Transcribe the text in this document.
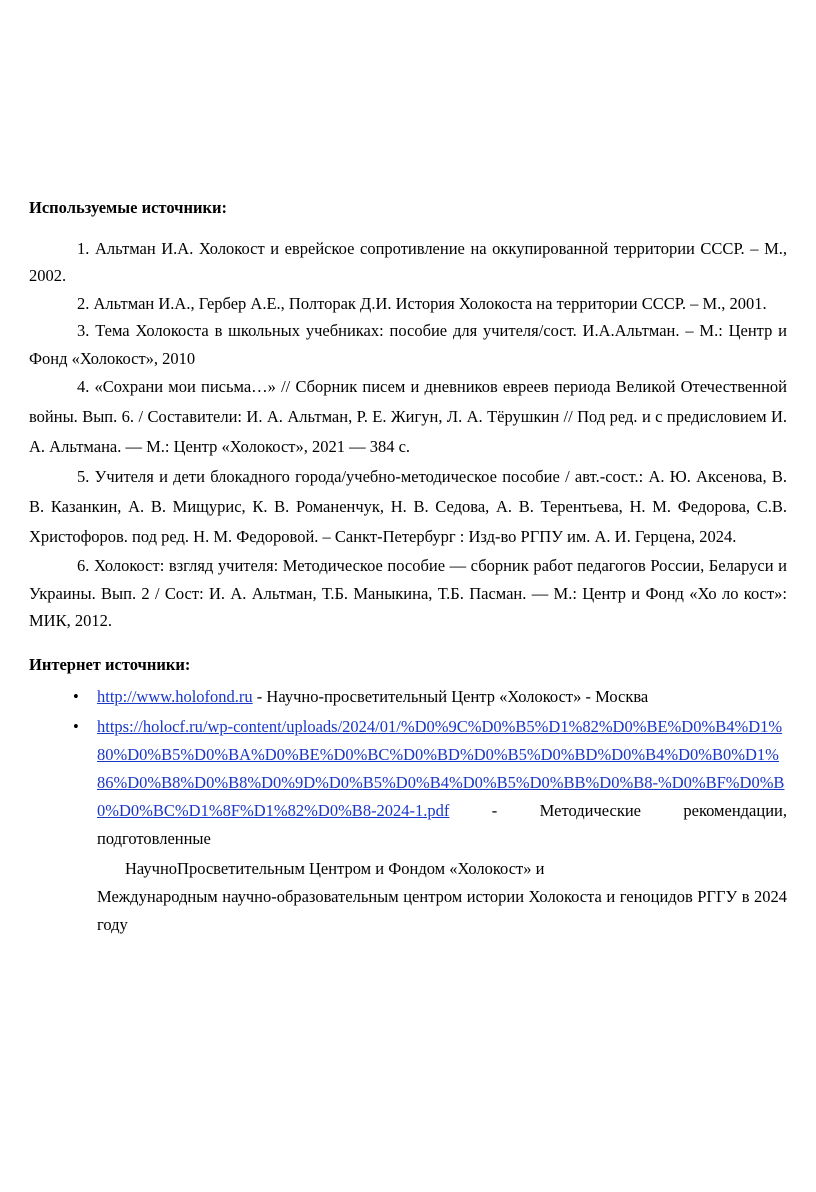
Используемые источники:

1. Альтман И.А. Холокост и еврейское сопротивление на оккупированной территории СССР. – М., 2002.

2. Альтман И.А., Гербер А.Е., Полторак Д.И. История Холокоста на территории СССР. – М., 2001.

3. Тема Холокоста в школьных учебниках: пособие для учителя/сост. И.А.Альтман. – М.: Центр и Фонд «Холокост», 2010

4. «Сохрани мои письма…» // Сборник писем и дневников евреев периода Великой Отечественной войны. Вып. 6. / Составители: И. А. Альтман, Р. Е. Жигун, Л. А. Тёрушкин // Под ред. и с предисловием И. А. Альтмана. — М.: Центр «Холокост», 2021 — 384 с.

5. Учителя и дети блокадного города/учебно-методическое пособие / авт.-сост.: А. Ю. Аксенова, В. В. Казанкин, А. В. Мищурис, К. В. Романенчук, Н. В. Седова, А. В. Терентьева, Н. М. Федорова, С.В. Христофоров. под ред. Н. М. Федоровой. – Санкт-Петербург : Изд-во РГПУ им. А. И. Герцена, 2024.

6. Холокост: взгляд учителя: Методическое пособие — сборник работ педагогов России, Беларуси и Украины. Вып. 2 / Сост: И. А. Альтман, Т.Б. Маныкина, Т.Б. Пасман. — М.: Центр и Фонд «Хо ло кост»: МИК, 2012.

Интернет источники:
• http://www.holofond.ru - Научно-просветительный Центр «Холокост» - Москва
• https://holocf.ru/wp-content/uploads/2024/01/%D0%9C%D0%B5%D1%82%D0%BE%D0%B4%D1%80%D0%B5%D0%BA%D0%BE%D0%BC%D0%BD%D0%B5%D0%BD%D0%B4%D0%B0%D1%86%D0%B8%D0%B8%D0%9D%D0%B5%D0%B4%D0%B5%D0%BB%D0%B8-%D0%BF%D0%B0%D0%BC%D1%8F%D1%82%D0%B8-2024-1.pdf - Методические рекомендации, подготовленные

НаучноПросветительным Центром и Фондом «Холокост» и

Международным научно-образовательным центром истории Холокоста и геноцидов РГГУ в 2024 году
